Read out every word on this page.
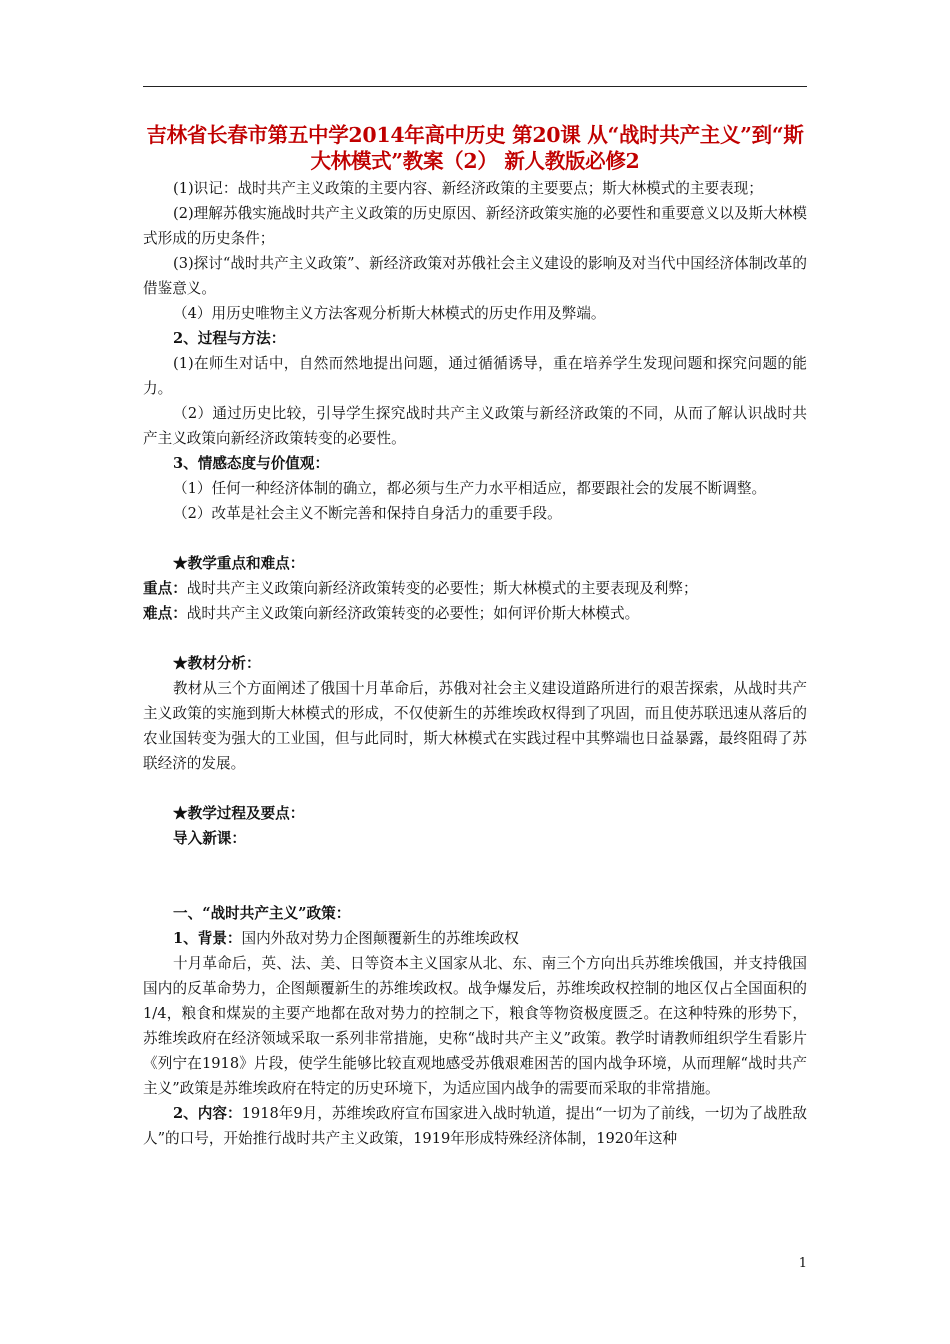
吉林省长春市第五中学2014年高中历史 第20课 从“战时共产主义”到“斯大林模式”教案（2） 新人教版必修2

(1)识记：战时共产主义政策的主要内容、新经济政策的主要要点；斯大林模式的主要表现；

(2)理解苏俄实施战时共产主义政策的历史原因、新经济政策实施的必要性和重要意义以及斯大林模式形成的历史条件；

(3)探讨“战时共产主义政策”、新经济政策对苏俄社会主义建设的影响及对当代中国经济体制改革的借鉴意义。

（4）用历史唯物主义方法客观分析斯大林模式的历史作用及弊端。

2、过程与方法：

(1)在师生对话中，自然而然地提出问题，通过循循诱导，重在培养学生发现问题和探究问题的能力。

（2）通过历史比较，引导学生探究战时共产主义政策与新经济政策的不同，从而了解认识战时共产主义政策向新经济政策转变的必要性。

3、情感态度与价值观：

（1）任何一种经济体制的确立，都必须与生产力水平相适应，都要跟社会的发展不断调整。

（2）改革是社会主义不断完善和保持自身活力的重要手段。

★教学重点和难点：

重点：战时共产主义政策向新经济政策转变的必要性；斯大林模式的主要表现及利弊；

难点：战时共产主义政策向新经济政策转变的必要性；如何评价斯大林模式。

★教材分析：

教材从三个方面阐述了俄国十月革命后，苏俄对社会主义建设道路所进行的艰苦探索，从战时共产主义政策的实施到斯大林模式的形成，不仅使新生的苏维埃政权得到了巩固，而且使苏联迅速从落后的农业国转变为强大的工业国，但与此同时，斯大林模式在实践过程中其弊端也日益暴露，最终阻碍了苏联经济的发展。

★教学过程及要点：

导入新课：

一、“战时共产主义”政策：

1、背景：国内外敌对势力企图颠覆新生的苏维埃政权

十月革命后，英、法、美、日等资本主义国家从北、东、南三个方向出兵苏维埃俄国，并支持俄国国内的反革命势力，企图颠覆新生的苏维埃政权。战争爆发后，苏维埃政权控制的地区仅占全国面积的1/4，粮食和煤炭的主要产地都在敌对势力的控制之下，粮食等物资极度匮乏。在这种特殊的形势下，苏维埃政府在经济领域采取一系列非常措施，史称“战时共产主义”政策。教学时请教师组织学生看影片《列宁在1918》片段，使学生能够比较直观地感受苏俄艰难困苦的国内战争环境，从而理解“战时共产主义”政策是苏维埃政府在特定的历史环境下，为适应国内战争的需要而采取的非常措施。

2、内容：1918年9月，苏维埃政府宣布国家进入战时轨道，提出“一切为了前线，一切为了战胜敌人”的口号，开始推行战时共产主义政策，1919年形成特殊经济体制，1920年这种

1
